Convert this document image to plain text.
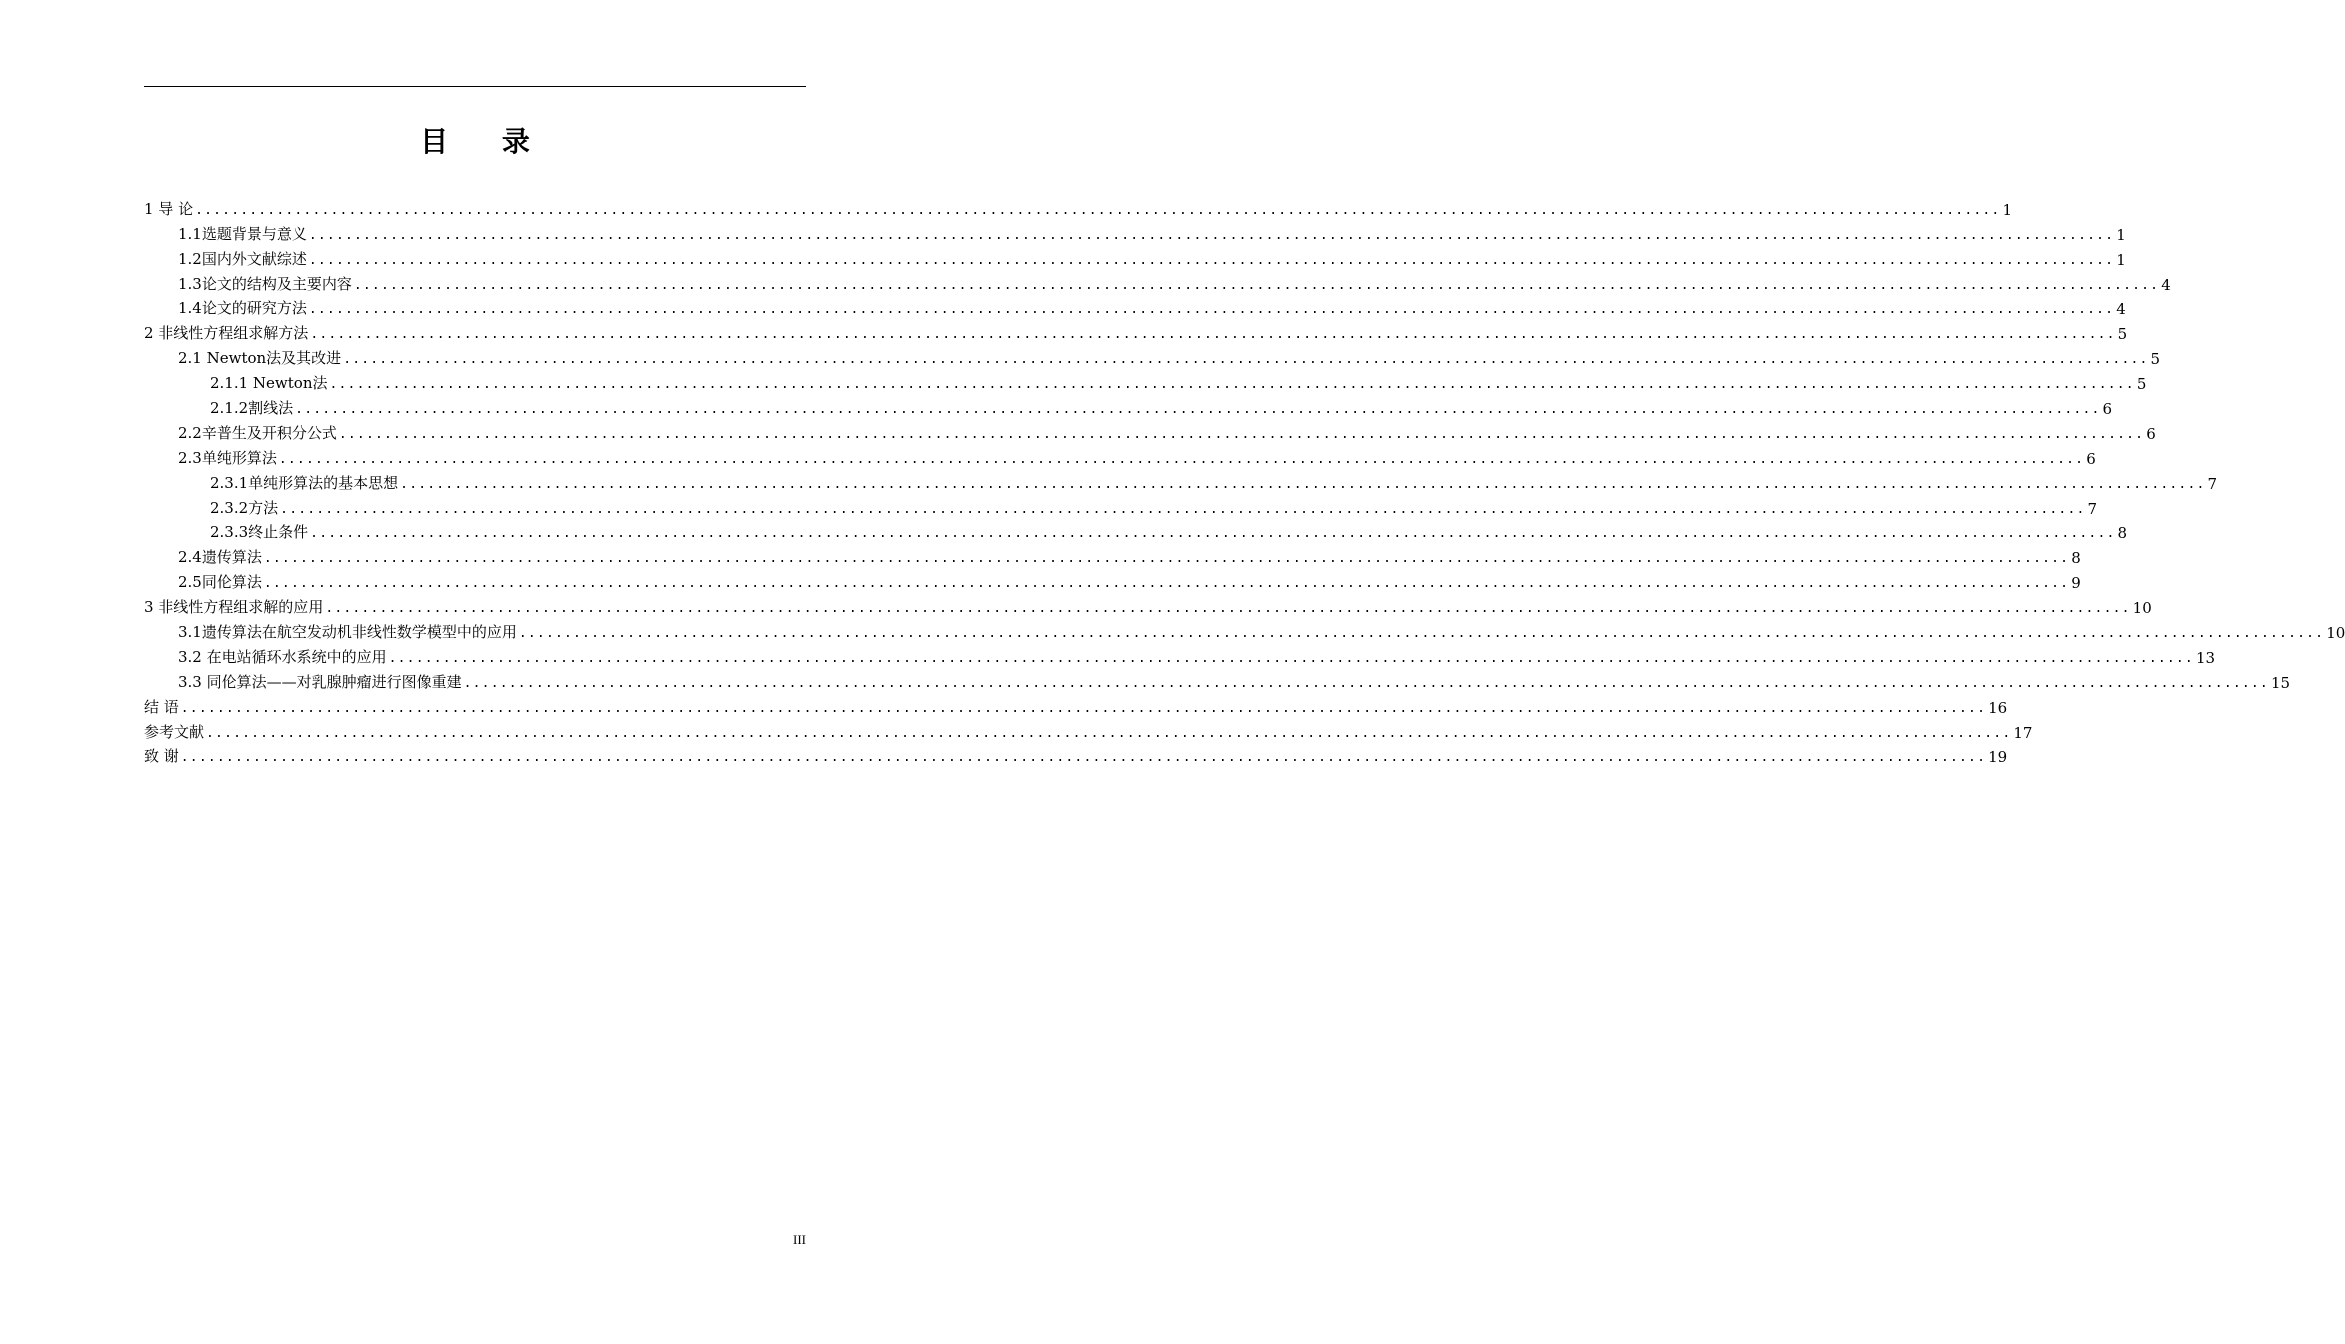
目 录
1 导 论 ........................................................................................................................................................................................................ 1
1.1选题背景与意义 ........................................................................................................................................................................................................ 1
1.2国内外文献综述 ........................................................................................................................................................................................................ 1
1.3论文的结构及主要内容 ........................................................................................................................................................................................................ 4
1.4论文的研究方法 ........................................................................................................................................................................................................ 4
2 非线性方程组求解方法 ........................................................................................................................................................................................................ 5
2.1 Newton法及其改进 ........................................................................................................................................................................................................ 5
2.1.1 Newton法 ........................................................................................................................................................................................................ 5
2.1.2割线法 ........................................................................................................................................................................................................ 6
2.2辛普生及开积分公式 ........................................................................................................................................................................................................ 6
2.3单纯形算法 ........................................................................................................................................................................................................ 6
2.3.1单纯形算法的基本思想 ........................................................................................................................................................................................................ 7
2.3.2方法 ........................................................................................................................................................................................................ 7
2.3.3终止条件 ........................................................................................................................................................................................................ 8
2.4遗传算法 ........................................................................................................................................................................................................ 8
2.5同伦算法 ........................................................................................................................................................................................................ 9
3 非线性方程组求解的应用 ........................................................................................................................................................................................................ 10
3.1遗传算法在航空发动机非线性数学模型中的应用 ........................................................................................................................................................................................................ 10
3.2 在电站循环水系统中的应用 ........................................................................................................................................................................................................ 13
3.3 同伦算法——对乳腺肿瘤进行图像重建 ........................................................................................................................................................................................................ 15
结 语 ........................................................................................................................................................................................................ 16
参考文献 ........................................................................................................................................................................................................ 17
致 谢 ........................................................................................................................................................................................................ 19
III
